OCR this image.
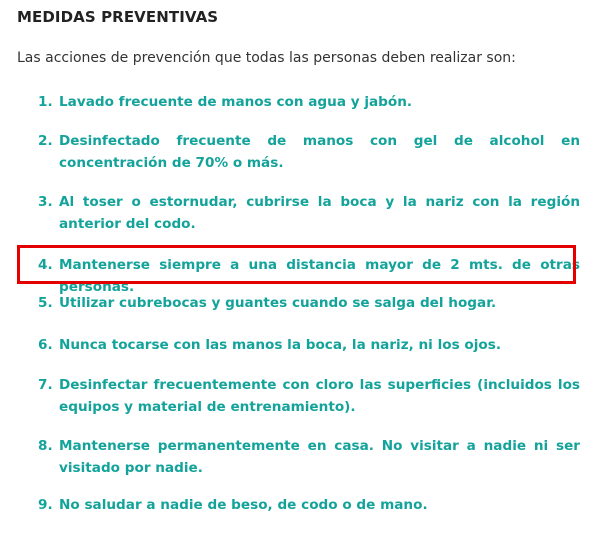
MEDIDAS PREVENTIVAS
Las acciones de prevención que todas las personas deben realizar son:
1. Lavado frecuente de manos con agua y jabón.
2. Desinfectado frecuente de manos con gel de alcohol en concentración de 70% o más.
3. Al toser o estornudar, cubrirse la boca y la nariz con la región anterior del codo.
4. Mantenerse siempre a una distancia mayor de 2 mts. de otras personas.
5. Utilizar cubrebocas y guantes cuando se salga del hogar.
6. Nunca tocarse con las manos la boca, la nariz, ni los ojos.
7. Desinfectar frecuentemente con cloro las superficies (incluidos los equipos y material de entrenamiento).
8. Mantenerse permanentemente en casa. No visitar a nadie ni ser visitado por nadie.
9. No saludar a nadie de beso, de codo o de mano.
